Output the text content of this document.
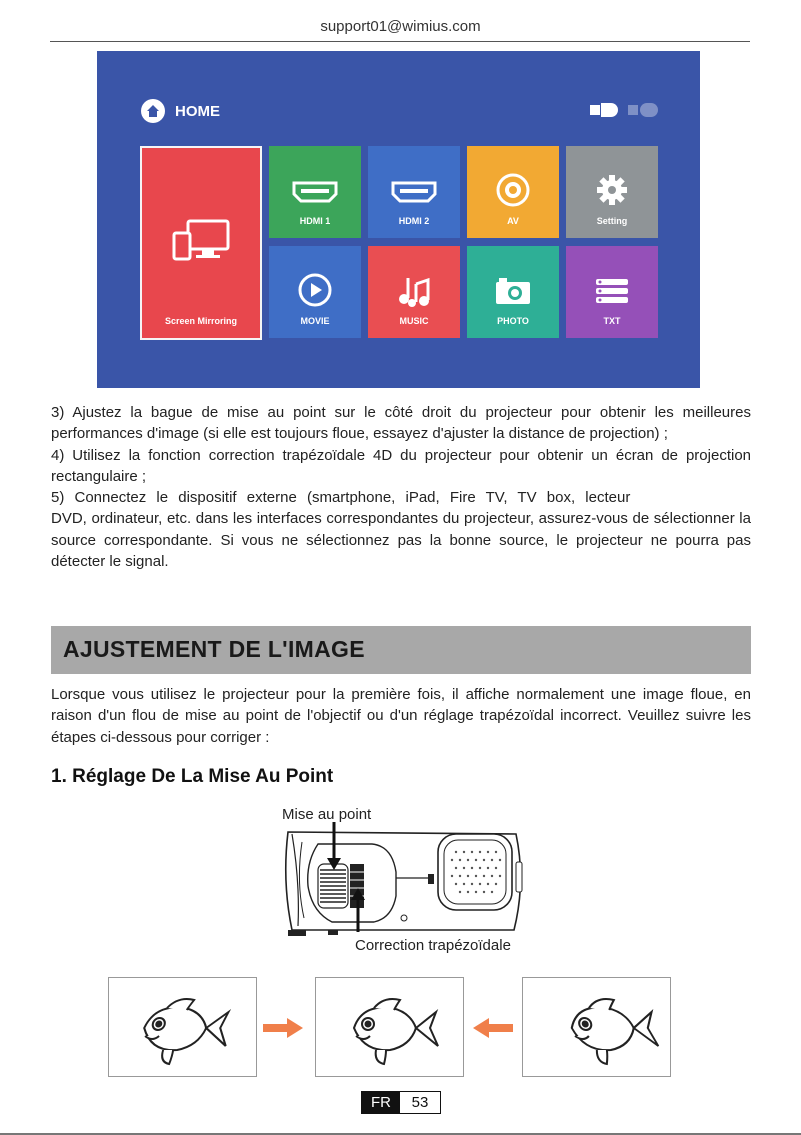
support01@wimius.com
HOME
Screen Mirroring
HDMI 1	HDMI 2	AV	Setting
MOVIE	MUSIC	PHOTO	TXT

3) Ajustez la bague de mise au point sur le côté droit du projecteur pour obtenir les meilleures performances d'image (si elle est toujours floue, essayez d'ajuster la distance de projection) ;

4) Utilisez la fonction correction trapézoïdale 4D du projecteur pour obtenir un écran de projection rectangulaire ;

5) Connectez le dispositif externe (smartphone, iPad, Fire TV, TV box, lecteur

DVD, ordinateur, etc. dans les interfaces correspondantes du projecteur, assurez-vous de sélectionner la source correspondante. Si vous ne sélectionnez pas la bonne source, le projecteur ne pourra pas détecter le signal.

AJUSTEMENT DE L'IMAGE
Lorsque vous utilisez le projecteur pour la première fois, il affiche normalement une image floue, en raison d'un flou de mise au point de l'objectif ou d'un réglage trapézoïdal incorrect. Veuillez suivre les étapes ci-dessous pour corriger :
1. Réglage De La Mise Au Point
Mise au point
Correction trapézoïdale
FR	53
